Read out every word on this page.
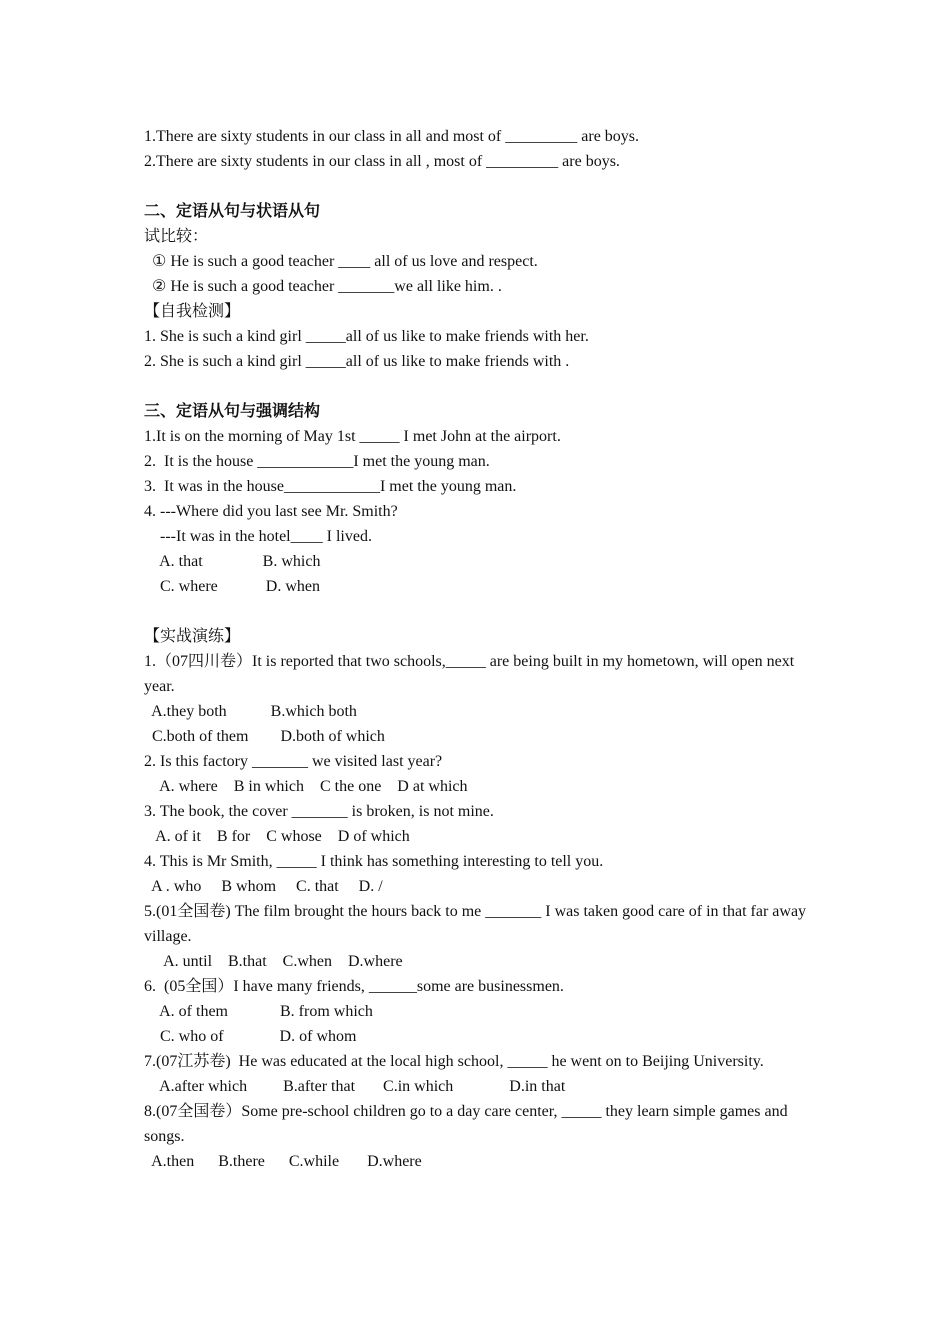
1.There are sixty students in our class in all and most of _________ are boys.
2.There are sixty students in our class in all , most of _________ are boys.
二、定语从句与状语从句
试比较：
① He is such a good teacher ____ all of us love and respect.
② He is such a good teacher _______we all like him. .
【自我检测】
1. She is such a kind girl _____all of us like to make friends with her.
2. She is such a kind girl _____all of us like to make friends with .
三、定语从句与强调结构
1.It is on the morning of May 1st _____ I met John at the airport.
2.  It is the house ____________I met the young man.
3.  It was in the house____________I met the young man.
4. ---Where did you last see Mr. Smith?
---It was in the hotel____ I lived.
A. that               B. which
C. where            D. when
【实战演练】
1.（07四川卷）It is reported that two schools,_____ are being built in my hometown, will open next year.
A.they both           B.which both
C.both of them        D.both of which
2. Is this factory _______ we visited last year?
A. where    B in which    C the one    D at which
3. The book, the cover _______ is broken, is not mine.
A. of it    B for    C whose    D of which
4. This is Mr Smith, _____ I think has something interesting to tell you.
A . who     B whom     C. that     D. /
5.(01全国卷) The film brought the hours back to me _______ I was taken good care of in that far away village.
A. until    B.that    C.when    D.where
6.  (05全国）I have many friends, ______some are businessmen.
A. of them             B. from which
C. who of              D. of whom
7.(07江苏卷)  He was educated at the local high school, _____ he went on to Beijing University.
A.after which         B.after that       C.in which              D.in that
8.(07全国卷）Some pre-school children go to a day care center, _____ they learn simple games and songs.
A.then      B.there      C.while       D.where
